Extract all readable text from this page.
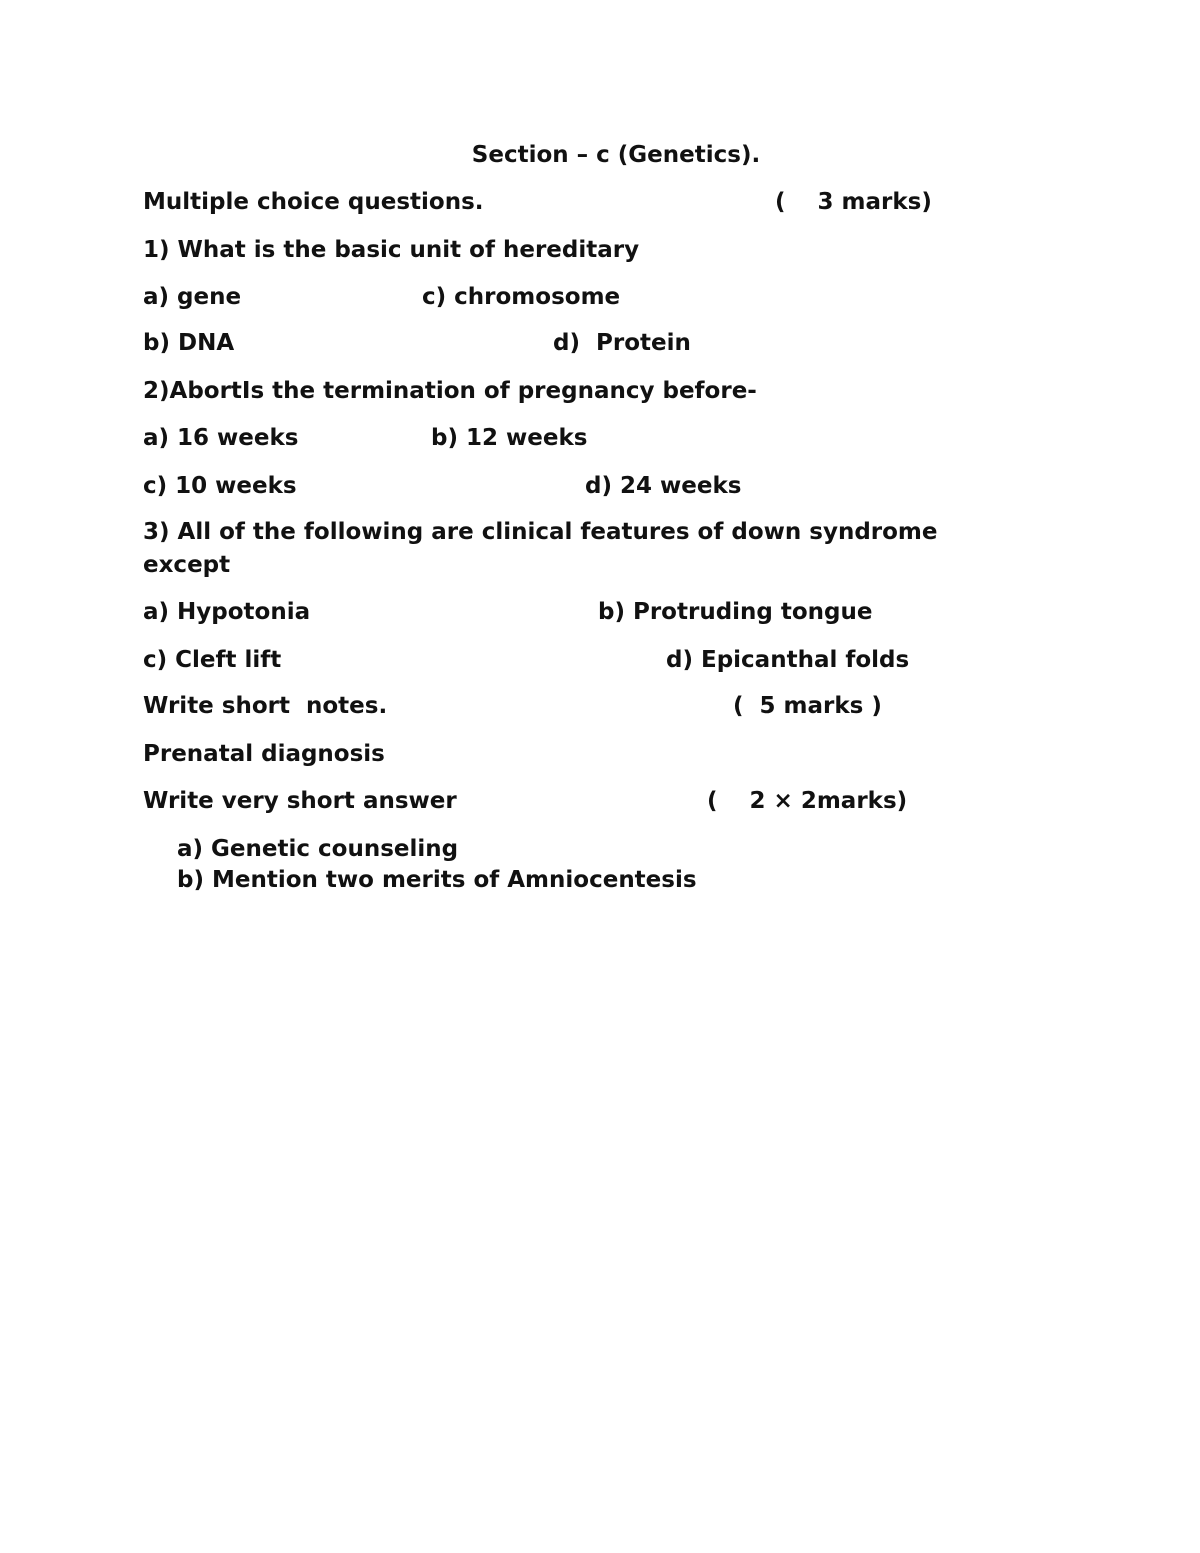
Section – c (Genetics).
Multiple choice questions.	(    3 marks)
1) What is the basic unit of hereditary
a) gene	c) chromosome
b) DNA	d)  Protein
2)AbortIs the termination of pregnancy before-
a) 16 weeks	b) 12 weeks
c) 10 weeks	d) 24 weeks
3) All of the following are clinical features of down syndrome
except
a) Hypotonia	b) Protruding tongue
c) Cleft lift	d) Epicanthal folds
Write short  notes.	(  5 marks )
Prenatal diagnosis
Write very short answer	(    2 × 2marks)
a) Genetic counseling
b) Mention two merits of Amniocentesis
